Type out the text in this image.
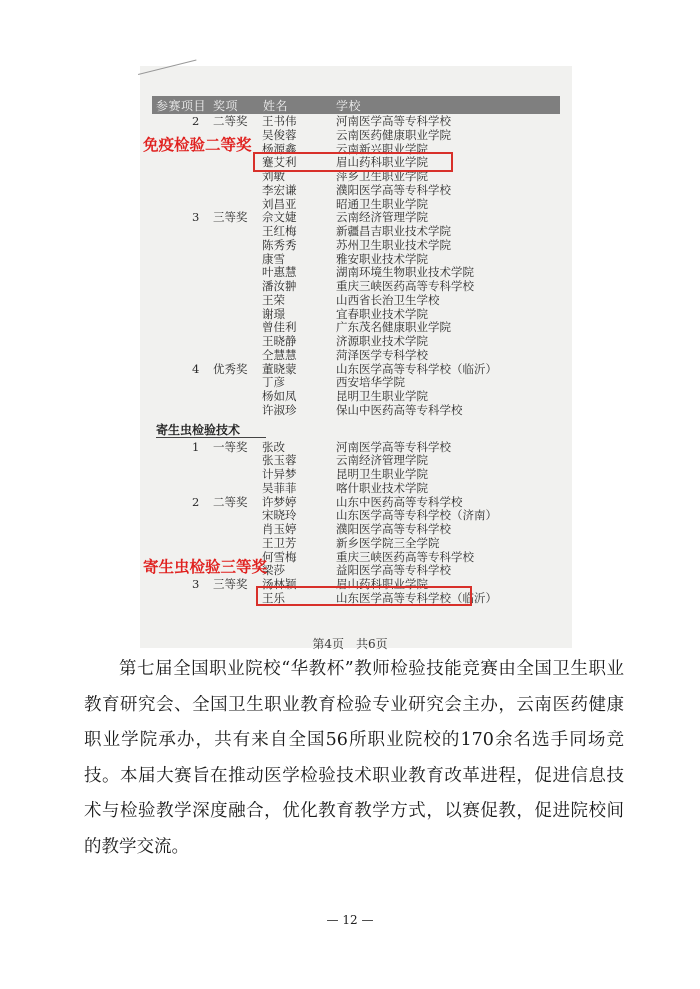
参赛项目 奖项 姓名	学校
2 二等奖 王书伟	河南医学高等专科学校
吴俊蓉	云南医药健康职业学院
杨源鑫	云南新兴职业学院
蹇艾利	眉山药科职业学院
刘敏	萍乡卫生职业学院
李宏谦	濮阳医学高等专科学校
刘昌亚	昭通卫生职业学院
3 三等奖 佘文婕	云南经济管理学院
王红梅	新疆昌吉职业技术学院
陈秀秀	苏州卫生职业技术学院
康雪	雅安职业技术学院
叶惠慧	湖南环境生物职业技术学院
潘汝翀	重庆三峡医药高等专科学校
王荣	山西省长治卫生学校
谢璟	宜春职业技术学院
曾佳利	广东茂名健康职业学院
王晓静	济源职业技术学院
仝慧慧	菏泽医学专科学校
4 优秀奖 董晓蒙	山东医学高等专科学校（临沂）
丁彦	西安培华学院
杨如凤	昆明卫生职业学院
许淑珍	保山中医药高等专科学校
寄生虫检验技术
1 一等奖 张改	河南医学高等专科学校
张玉蓉	云南经济管理学院
计异梦	昆明卫生职业学院
吴菲菲	喀什职业技术学院
2 二等奖 许梦婷	山东中医药高等专科学校
宋晓玲	山东医学高等专科学校（济南）
肖玉婷	濮阳医学高等专科学校
王卫芳	新乡医学院三全学院
何雪梅	重庆三峡医药高等专科学校
梁莎	益阳医学高等专科学校
3 三等奖 汤林颖	眉山药科职业学院
王乐	山东医学高等专科学校（临沂）
免疫检验二等奖
寄生虫检验三等奖
第4页　共6页

第七届全国职业院校“华教杯”教师检验技能竞赛由全国卫生职业教育研究会、全国卫生职业教育检验专业研究会主办，云南医药健康职业学院承办，共有来自全国56所职业院校的170余名选手同场竞技。本届大赛旨在推动医学检验技术职业教育改革进程，促进信息技术与检验教学深度融合，优化教育教学方式，以赛促教，促进院校间的教学交流。

— 12 —
